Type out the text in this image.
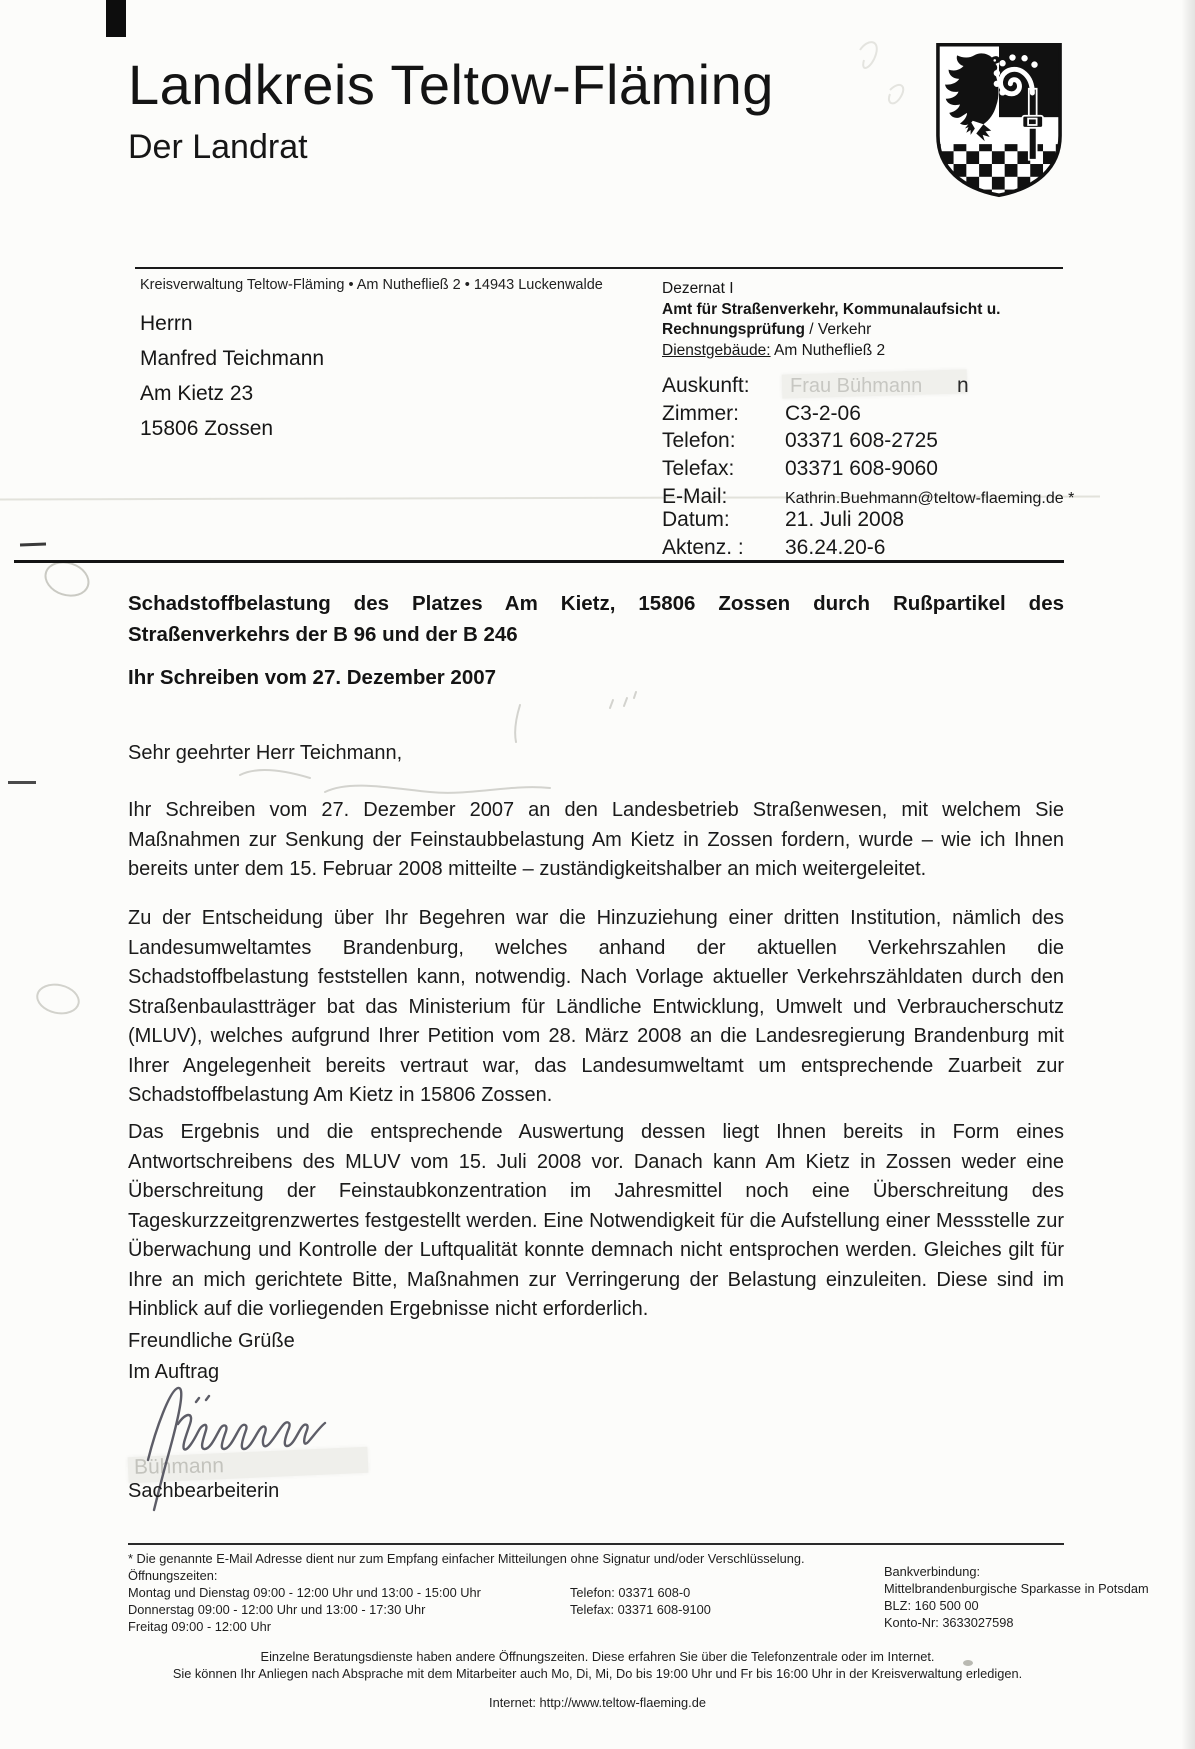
Landkreis Teltow-Fläming
Der Landrat
Kreisverwaltung Teltow-Fläming • Am Nuthefließ 2 • 14943 Luckenwalde
Herrn
Manfred Teichmann
Am Kietz 23
15806 Zossen
Dezernat I
Amt für Straßenverkehr, Kommunalaufsicht u.
Rechnungsprüfung / Verkehr
Dienstgebäude: Am Nuthefließ 2
Auskunft: Frau Bühmann n
Zimmer: C3-2-06
Telefon: 03371 608-2725
Telefax: 03371 608-9060
E-Mail:	Kathrin.Buehmann@teltow-flaeming.de *
Datum:	21. Juli 2008
Aktenz. : 36.24.20-6
Schadstoffbelastung des Platzes Am Kietz, 15806 Zossen durch Rußpartikel des Straßenverkehrs der B 96 und der B 246
Ihr Schreiben vom 27. Dezember 2007
Sehr geehrter Herr Teichmann,
Ihr Schreiben vom 27. Dezember 2007 an den Landesbetrieb Straßenwesen, mit welchem Sie Maßnahmen zur Senkung der Feinstaubbelastung Am Kietz in Zossen fordern, wurde – wie ich Ihnen bereits unter dem 15. Februar 2008 mitteilte – zuständigkeitshalber an mich weitergeleitet.
Zu der Entscheidung über Ihr Begehren war die Hinzuziehung einer dritten Institution, nämlich des Landesumweltamtes Brandenburg, welches anhand der aktuellen Verkehrszahlen die Schadstoffbelastung feststellen kann, notwendig. Nach Vorlage aktueller Verkehrszähldaten durch den Straßenbaulastträger bat das Ministerium für Ländliche Entwicklung, Umwelt und Verbraucherschutz (MLUV), welches aufgrund Ihrer Petition vom 28. März 2008 an die Landesregierung Brandenburg mit Ihrer Angelegenheit bereits vertraut war, das Landesumweltamt um entsprechende Zuarbeit zur Schadstoffbelastung Am Kietz in 15806 Zossen.
Das Ergebnis und die entsprechende Auswertung dessen liegt Ihnen bereits in Form eines Antwortschreibens des MLUV vom 15. Juli 2008 vor. Danach kann Am Kietz in Zossen weder eine Überschreitung der Feinstaubkonzentration im Jahresmittel noch eine Überschreitung des Tageskurzzeitgrenzwertes festgestellt werden. Eine Notwendigkeit für die Aufstellung einer Messstelle zur Überwachung und Kontrolle der Luftqualität konnte demnach nicht entsprochen werden. Gleiches gilt für Ihre an mich gerichtete Bitte, Maßnahmen zur Verringerung der Belastung einzuleiten. Diese sind im Hinblick auf die vorliegenden Ergebnisse nicht erforderlich.
Freundliche Grüße
Im Auftrag
Bühmann
Sachbearbeiterin
* Die genannte E-Mail Adresse dient nur zum Empfang einfacher Mitteilungen ohne Signatur und/oder Verschlüsselung.
Öffnungszeiten:
Montag und Dienstag 09:00 - 12:00 Uhr und 13:00 - 15:00 Uhr
Donnerstag 09:00 - 12:00 Uhr und 13:00 - 17:30 Uhr
Freitag 09:00 - 12:00 Uhr
Telefon: 03371 608-0
Telefax: 03371 608-9100
Bankverbindung:
Mittelbrandenburgische Sparkasse in Potsdam
BLZ: 160 500 00
Konto-Nr: 3633027598
Einzelne Beratungsdienste haben andere Öffnungszeiten. Diese erfahren Sie über die Telefonzentrale oder im Internet.
Sie können Ihr Anliegen nach Absprache mit dem Mitarbeiter auch Mo, Di, Mi, Do bis 19:00 Uhr und Fr bis 16:00 Uhr in der Kreisverwaltung erledigen.
Internet: http://www.teltow-flaeming.de
